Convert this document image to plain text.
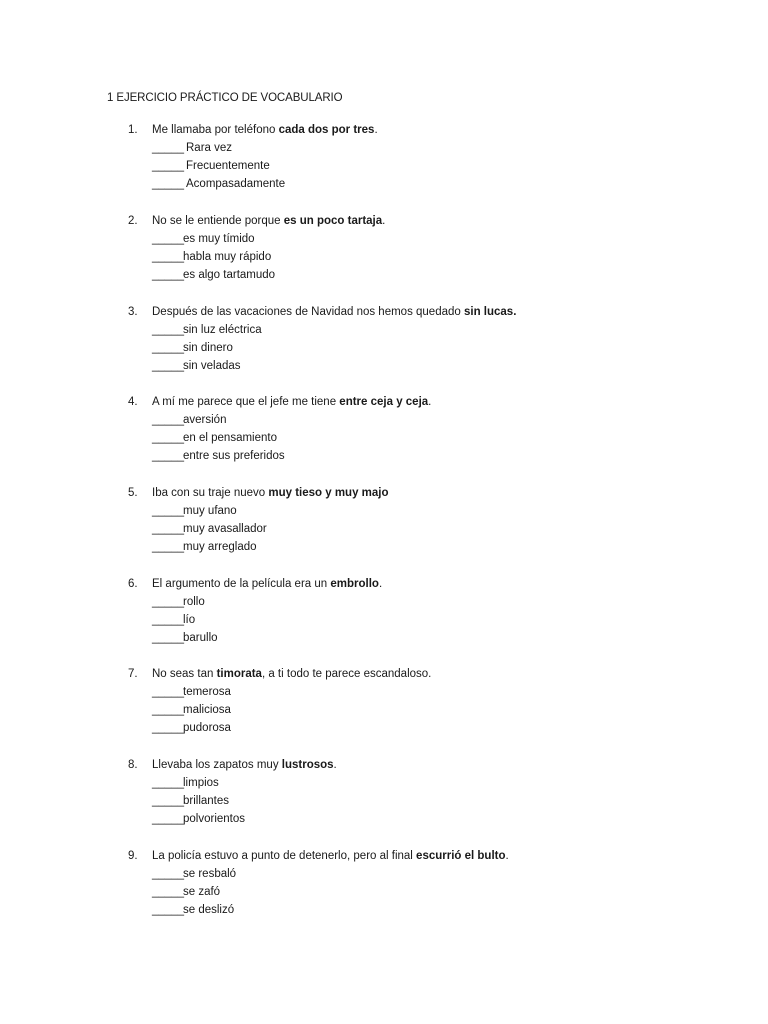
1 EJERCICIO PRÁCTICO DE VOCABULARIO
1. Me llamaba por teléfono cada dos por tres.
_____ Rara vez
_____ Frecuentemente
_____ Acompasadamente
2. No se le entiende porque es un poco tartaja.
_____ es muy tímido
_____ habla muy rápido
_____ es algo tartamudo
3. Después de las vacaciones de Navidad nos hemos quedado sin lucas.
_____ sin luz eléctrica
_____ sin dinero
_____ sin veladas
4. A mí me parece que el jefe me tiene entre ceja y ceja.
_____ aversión
_____ en el pensamiento
_____ entre sus preferidos
5. Iba con su traje nuevo muy tieso y muy majo
_____ muy ufano
_____ muy avasallador
_____ muy arreglado
6. El argumento de la película era un embrollo.
_____ rollo
_____ lío
_____ barullo
7. No seas tan timorata, a ti todo te parece escandaloso.
_____ temerosa
_____ maliciosa
_____ pudorosa
8. Llevaba los zapatos muy lustrosos.
_____ limpios
_____ brillantes
_____ polvorientos
9. La policía estuvo a punto de detenerlo, pero al final escurrió el bulto.
_____ se resbaló
_____ se zafó
_____ se deslizó
